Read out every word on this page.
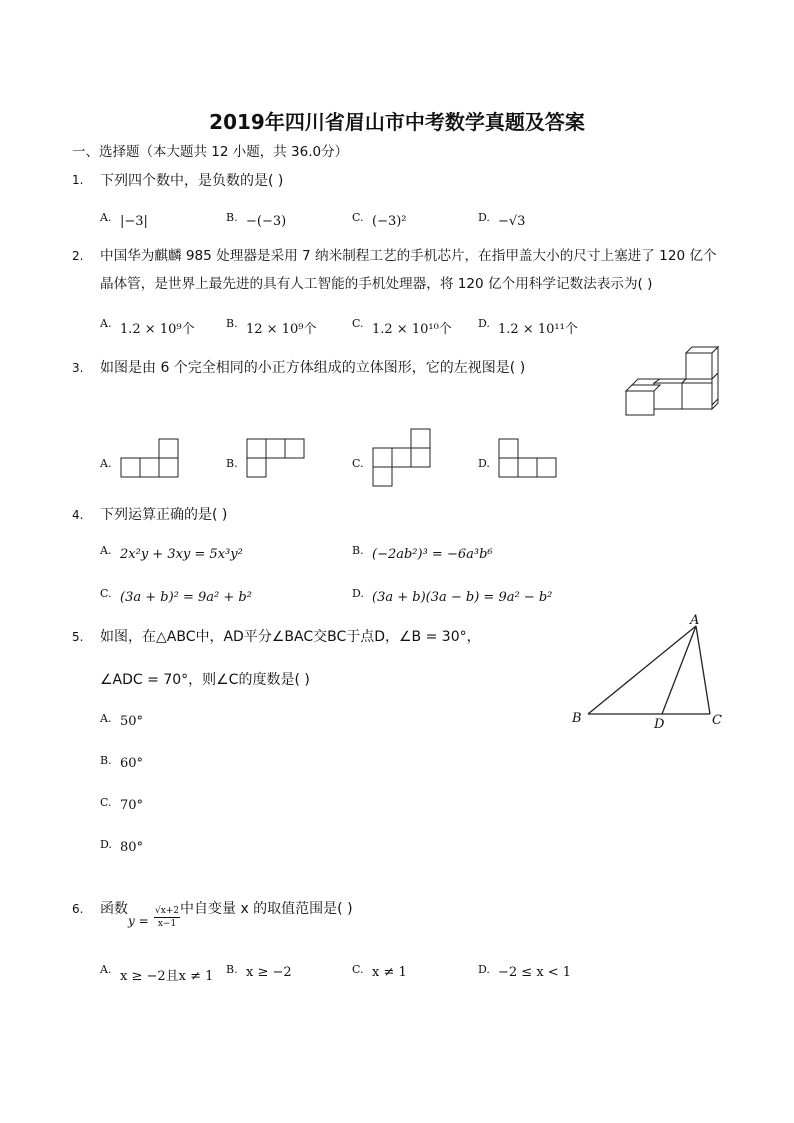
2019年四川省眉山市中考数学真题及答案
一、选择题（本大题共 12 小题，共 36.0分）
1. 下列四个数中，是负数的是( )
A. |−3|	B. −(−3)	C. (−3)²	D. −√3
2. 中国华为麒麟 985 处理器是采用 7 纳米制程工艺的手机芯片，在指甲盖大小的尺寸上塞进了 120 亿个
晶体管，是世界上最先进的具有人工智能的手机处理器，将 120 亿个用科学记数法表示为( )
A. 1.2 × 10⁹个	B. 12 × 10⁹个	C. 1.2 × 10¹⁰个 D. 1.2 × 10¹¹个
3. 如图是由 6 个完全相同的小正方体组成的立体图形，它的左视图是( )
A.	B.	C.	D.
4. 下列运算正确的是( )
A. 2x²y + 3xy = 5x³y²	B. (−2ab²)³ = −6a³b⁶
C. (3a + b)² = 9a² + b²	D. (3a + b)(3a − b) = 9a² − b²
5. 如图，在△ABC中，AD平分∠BAC交BC于点D，∠B = 30°，
∠ADC = 70°，则∠C的度数是( )
A
B	D	C
A. 50°
B. 60°
C. 70°
D. 80°
6. 函数
$y = \frac{√x+2}{x-1}$ 中自变量 x 的取值范围是( )
A. x ≥ −2且x ≠ 1 B. x ≥ −2	C. x ≠ 1	D. −2 ≤ x < 1
